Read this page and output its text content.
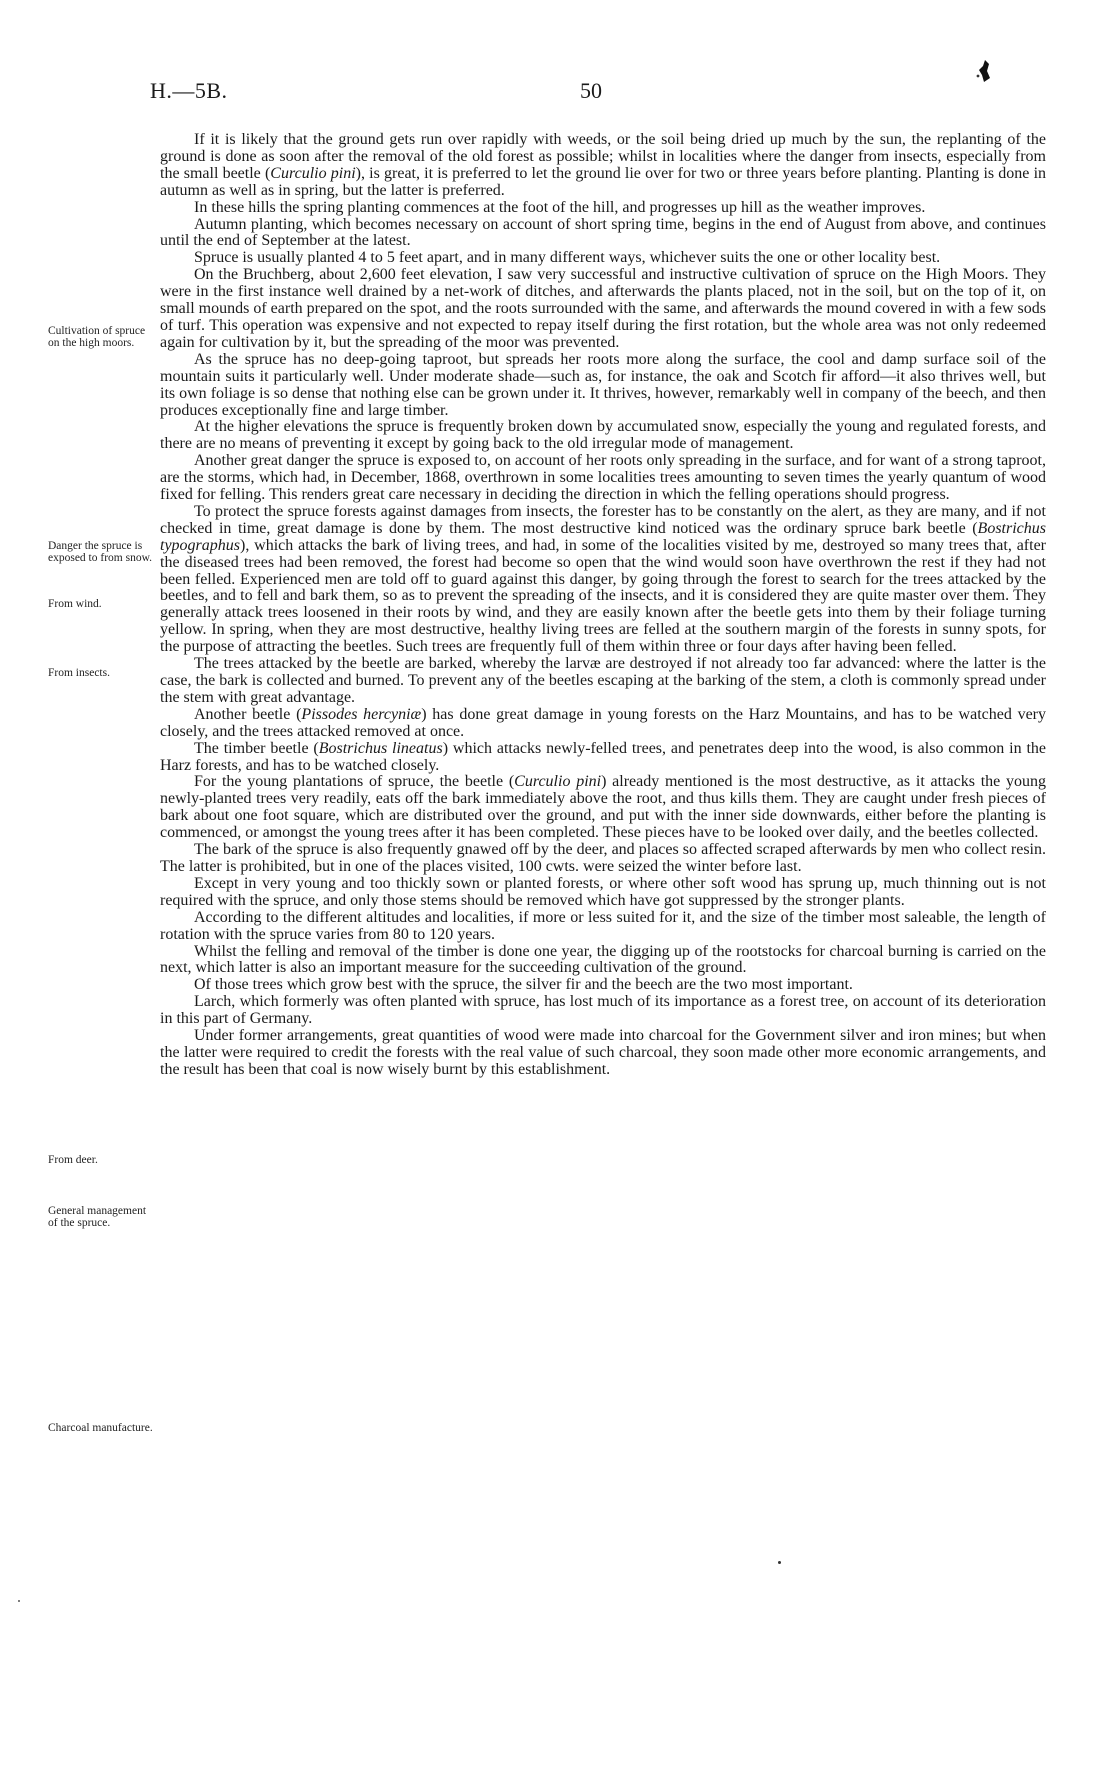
H.—5B.	50
Cultivation of spruce on the high moors.
Danger the spruce is exposed to from snow.
From wind.
From insects.
From deer.
General management of the spruce.
Charcoal manufacture.

If it is likely that the ground gets run over rapidly with weeds, or the soil being dried up much by the sun, the replanting of the ground is done as soon after the removal of the old forest as possible; whilst in localities where the danger from insects, especially from the small beetle (Curculio pini), is great, it is preferred to let the ground lie over for two or three years before planting. Planting is done in autumn as well as in spring, but the latter is preferred.

In these hills the spring planting commences at the foot of the hill, and progresses up hill as the weather improves.

Autumn planting, which becomes necessary on account of short spring time, begins in the end of August from above, and continues until the end of September at the latest.

Spruce is usually planted 4 to 5 feet apart, and in many different ways, whichever suits the one or other locality best.

On the Bruchberg, about 2,600 feet elevation, I saw very successful and instructive cultivation of spruce on the High Moors. They were in the first instance well drained by a net-work of ditches, and afterwards the plants placed, not in the soil, but on the top of it, on small mounds of earth prepared on the spot, and the roots surrounded with the same, and afterwards the mound covered in with a few sods of turf. This operation was expensive and not expected to repay itself during the first rotation, but the whole area was not only redeemed again for cultivation by it, but the spreading of the moor was prevented.

As the spruce has no deep-going taproot, but spreads her roots more along the surface, the cool and damp surface soil of the mountain suits it particularly well. Under moderate shade—such as, for instance, the oak and Scotch fir afford—it also thrives well, but its own foliage is so dense that nothing else can be grown under it. It thrives, however, remarkably well in company of the beech, and then produces exceptionally fine and large timber.

At the higher elevations the spruce is frequently broken down by accumulated snow, especially the young and regulated forests, and there are no means of preventing it except by going back to the old irregular mode of management.

Another great danger the spruce is exposed to, on account of her roots only spreading in the surface, and for want of a strong taproot, are the storms, which had, in December, 1868, overthrown in some localities trees amounting to seven times the yearly quantum of wood fixed for felling. This renders great care necessary in deciding the direction in which the felling operations should progress.

To protect the spruce forests against damages from insects, the forester has to be constantly on the alert, as they are many, and if not checked in time, great damage is done by them. The most destructive kind noticed was the ordinary spruce bark beetle (Bostrichus typographus), which attacks the bark of living trees, and had, in some of the localities visited by me, destroyed so many trees that, after the diseased trees had been removed, the forest had become so open that the wind would soon have overthrown the rest if they had not been felled. Experienced men are told off to guard against this danger, by going through the forest to search for the trees attacked by the beetles, and to fell and bark them, so as to prevent the spreading of the insects, and it is considered they are quite master over them. They generally attack trees loosened in their roots by wind, and they are easily known after the beetle gets into them by their foliage turning yellow. In spring, when they are most destructive, healthy living trees are felled at the southern margin of the forests in sunny spots, for the purpose of attracting the beetles. Such trees are frequently full of them within three or four days after having been felled.

The trees attacked by the beetle are barked, whereby the larvæ are destroyed if not already too far advanced: where the latter is the case, the bark is collected and burned. To prevent any of the beetles escaping at the barking of the stem, a cloth is commonly spread under the stem with great advantage.

Another beetle (Pissodes hercyniæ) has done great damage in young forests on the Harz Mountains, and has to be watched very closely, and the trees attacked removed at once.

The timber beetle (Bostrichus lineatus) which attacks newly-felled trees, and penetrates deep into the wood, is also common in the Harz forests, and has to be watched closely.

For the young plantations of spruce, the beetle (Curculio pini) already mentioned is the most destructive, as it attacks the young newly-planted trees very readily, eats off the bark immediately above the root, and thus kills them. They are caught under fresh pieces of bark about one foot square, which are distributed over the ground, and put with the inner side downwards, either before the planting is commenced, or amongst the young trees after it has been completed. These pieces have to be looked over daily, and the beetles collected.

The bark of the spruce is also frequently gnawed off by the deer, and places so affected scraped afterwards by men who collect resin. The latter is prohibited, but in one of the places visited, 100 cwts. were seized the winter before last.

Except in very young and too thickly sown or planted forests, or where other soft wood has sprung up, much thinning out is not required with the spruce, and only those stems should be removed which have got suppressed by the stronger plants.

According to the different altitudes and localities, if more or less suited for it, and the size of the timber most saleable, the length of rotation with the spruce varies from 80 to 120 years.

Whilst the felling and removal of the timber is done one year, the digging up of the rootstocks for charcoal burning is carried on the next, which latter is also an important measure for the succeeding cultivation of the ground.

Of those trees which grow best with the spruce, the silver fir and the beech are the two most important.

Larch, which formerly was often planted with spruce, has lost much of its importance as a forest tree, on account of its deterioration in this part of Germany.

Under former arrangements, great quantities of wood were made into charcoal for the Government silver and iron mines; but when the latter were required to credit the forests with the real value of such charcoal, they soon made other more economic arrangements, and the result has been that coal is now wisely burnt by this establishment.
